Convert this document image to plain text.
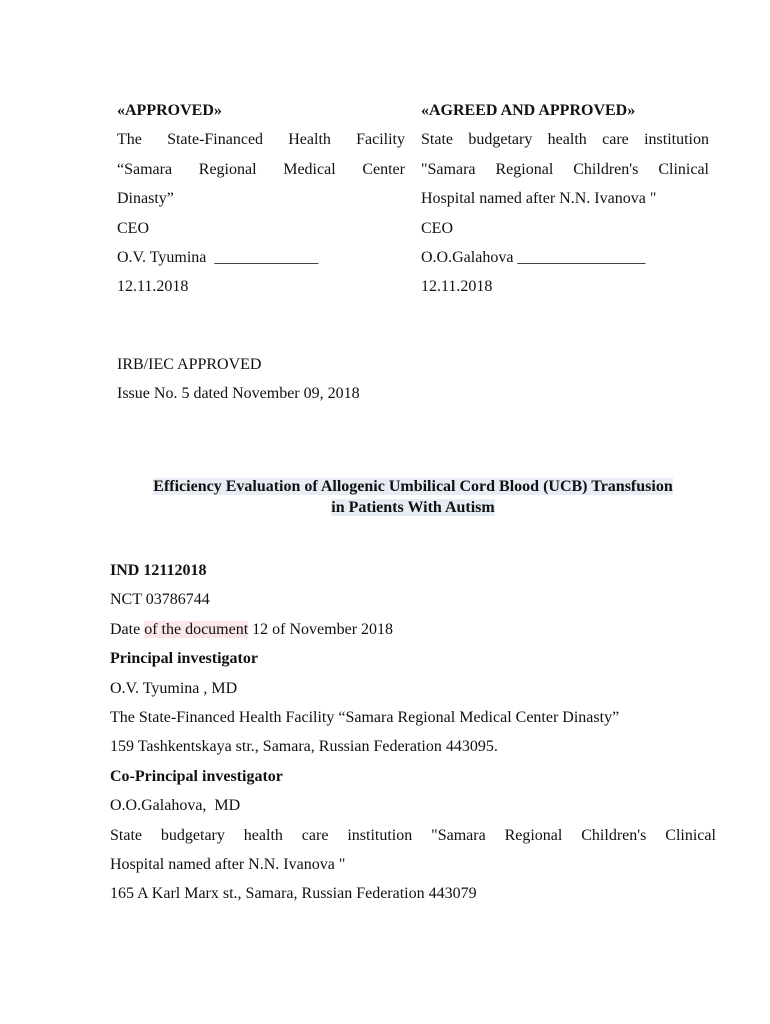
«APPROVED»
The State-Financed Health Facility
“Samara Regional Medical Center
Dinasty”
CEO
O.V. Tyumina _____________
12.11.2018
«AGREED AND APPROVED»
State budgetary health care institution
"Samara Regional Children's Clinical
Hospital named after N.N. Ivanova "
CEO
O.O.Galahova ________________
12.11.2018
IRB/IEC APPROVED
Issue No. 5 dated November 09, 2018
Efficiency Evaluation of Allogenic Umbilical Cord Blood (UCB) Transfusion
in Patients With Autism
IND 12112018
NCT 03786744
Date of the document 12 of November 2018
Principal investigator
O.V. Tyumina , MD
The State-Financed Health Facility “Samara Regional Medical Center Dinasty”
159 Tashkentskaya str., Samara, Russian Federation 443095.
Co-Principal investigator
O.O.Galahova,  MD
State budgetary health care institution "Samara Regional Children's Clinical
Hospital named after N.N. Ivanova "
165 A Karl Marx st., Samara, Russian Federation 443079
